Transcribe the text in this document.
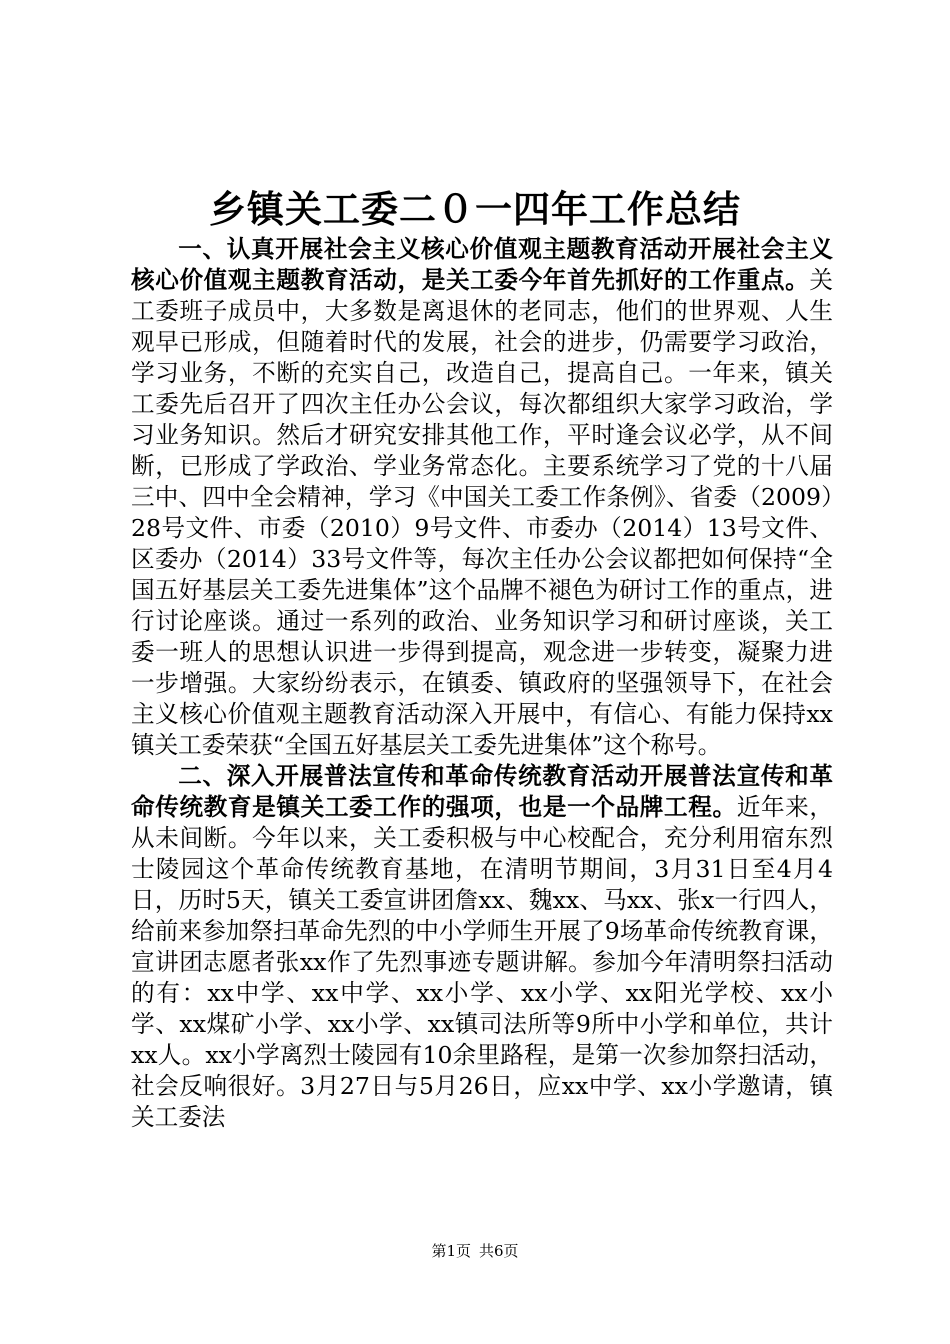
乡镇关工委二０一四年工作总结

一、认真开展社会主义核心价值观主题教育活动开展社会主义核心价值观主题教育活动，是关工委今年首先抓好的工作重点。关工委班子成员中，大多数是离退休的老同志，他们的世界观、人生观早已形成，但随着时代的发展，社会的进步，仍需要学习政治，学习业务，不断的充实自己，改造自己，提高自己。一年来，镇关工委先后召开了四次主任办公会议，每次都组织大家学习政治，学习业务知识。然后才研究安排其他工作，平时逢会议必学，从不间断，已形成了学政治、学业务常态化。主要系统学习了党的十八届三中、四中全会精神，学习《中国关工委工作条例》、省委（2009）28号文件、市委（2010）9号文件、市委办（2014）13号文件、区委办（2014）33号文件等，每次主任办公会议都把如何保持“全国五好基层关工委先进集体”这个品牌不褪色为研讨工作的重点，进行讨论座谈。通过一系列的政治、业务知识学习和研讨座谈，关工委一班人的思想认识进一步得到提高，观念进一步转变，凝聚力进一步增强。大家纷纷表示，在镇委、镇政府的坚强领导下，在社会主义核心价值观主题教育活动深入开展中，有信心、有能力保持xx镇关工委荣获“全国五好基层关工委先进集体”这个称号。

二、深入开展普法宣传和革命传统教育活动开展普法宣传和革命传统教育是镇关工委工作的强项，也是一个品牌工程。近年来，从未间断。今年以来，关工委积极与中心校配合，充分利用宿东烈士陵园这个革命传统教育基地，在清明节期间，3月31日至4月4日，历时5天，镇关工委宣讲团詹xx、魏xx、马xx、张x一行四人，给前来参加祭扫革命先烈的中小学师生开展了9场革命传统教育课，宣讲团志愿者张xx作了先烈事迹专题讲解。参加今年清明祭扫活动的有：xx中学、xx中学、xx小学、xx小学、xx阳光学校、xx小学、xx煤矿小学、xx小学、xx镇司法所等9所中小学和单位，共计xx人。xx小学离烈士陵园有10余里路程，是第一次参加祭扫活动，社会反响很好。3月27日与5月26日，应xx中学、xx小学邀请，镇关工委法

第1页 共6页
